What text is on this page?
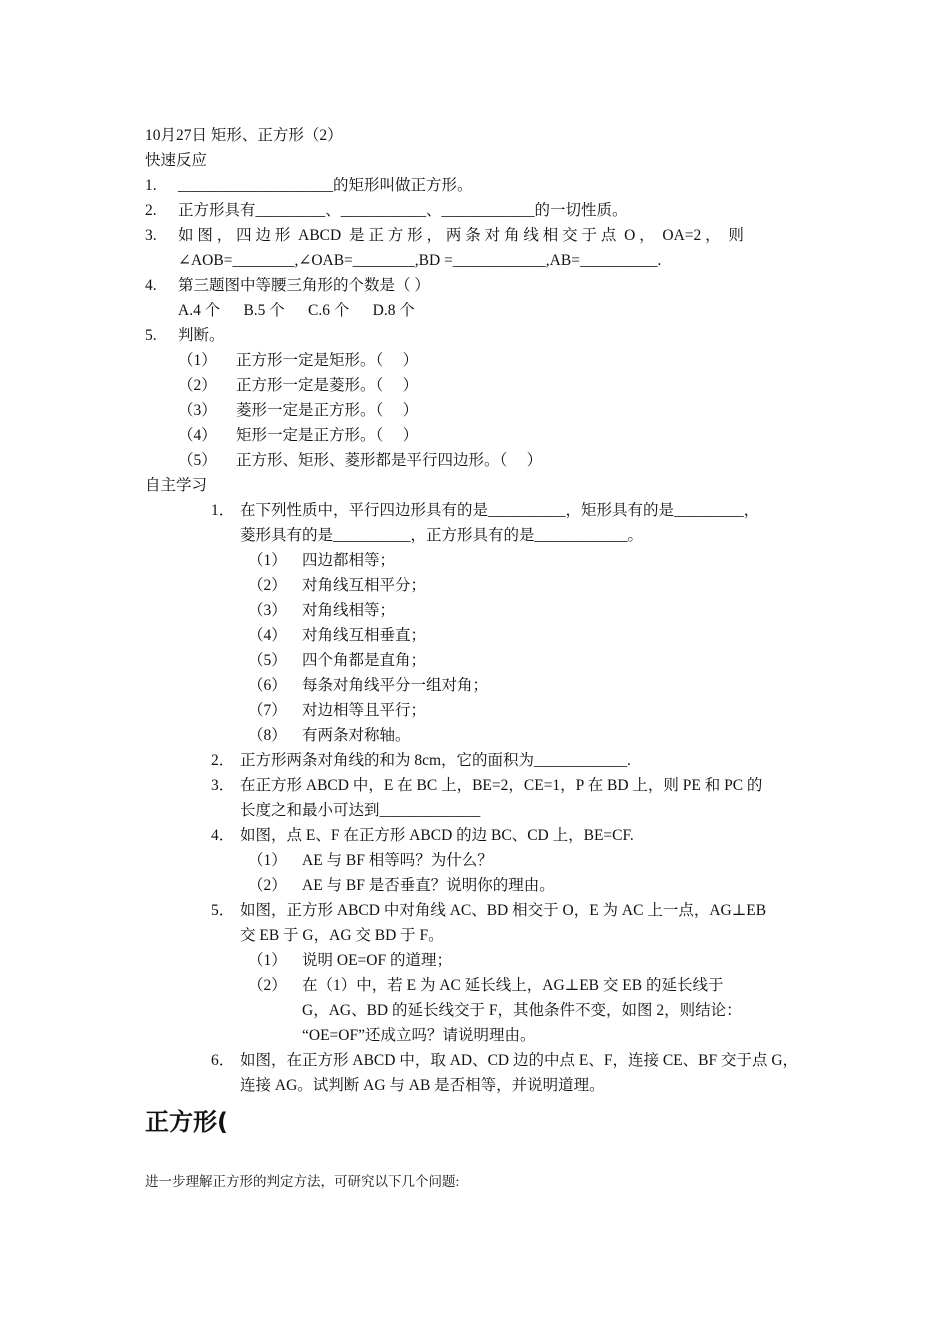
10月27日 矩形、正方形（2）
快速反应
1. ____________________的矩形叫做正方形。
2. 正方形具有_________、___________、____________的一切性质。
3. 如 图 ， 四 边 形  ABCD  是 正 方 形 ， 两 条 对 角 线 相 交 于 点  O ，  OA=2 ，  则
∠AOB=________,∠OAB=________,BD =____________,AB=__________.
4. 第三题图中等腰三角形的个数是（ ）
A.4 个      B.5 个      C.6 个      D.8 个
5. 判断。
（1） 正方形一定是矩形。（     ）
（2） 正方形一定是菱形。（     ）
（3） 菱形一定是正方形。（     ）
（4） 矩形一定是正方形。（     ）
（5） 正方形、矩形、菱形都是平行四边形。（     ）
自主学习
1． 在下列性质中，平行四边形具有的是__________，矩形具有的是_________，
菱形具有的是__________，正方形具有的是____________。
（1） 四边都相等；
（2） 对角线互相平分；
（3） 对角线相等；
（4） 对角线互相垂直；
（5） 四个角都是直角；
（6） 每条对角线平分一组对角；
（7） 对边相等且平行；
（8） 有两条对称轴。
2． 正方形两条对角线的和为 8cm，它的面积为____________.
3． 在正方形 ABCD 中，E 在 BC 上，BE=2，CE=1，P 在 BD 上，则 PE 和 PC 的
长度之和最小可达到_____________
4． 如图，点 E、F 在正方形 ABCD 的边 BC、CD 上，BE=CF.
（1） AE 与 BF 相等吗？为什么？
（2） AE 与 BF 是否垂直？说明你的理由。
5． 如图，正方形 ABCD 中对角线 AC、BD 相交于 O，E 为 AC 上一点，AG⊥EB
交 EB 于 G，AG 交 BD 于 F。
（1） 说明 OE=OF 的道理；
（2） 在（1）中，若 E 为 AC 延长线上，AG⊥EB 交 EB 的延长线于
G，AG、BD 的延长线交于 F，其他条件不变，如图 2，则结论：
“OE=OF”还成立吗？请说明理由。
6． 如图，在正方形 ABCD 中，取 AD、CD 边的中点 E、F，连接 CE、BF 交于点 G，
连接 AG。试判断 AG 与 AB 是否相等，并说明道理。
正方形(
进一步理解正方形的判定方法，可研究以下几个问题:
